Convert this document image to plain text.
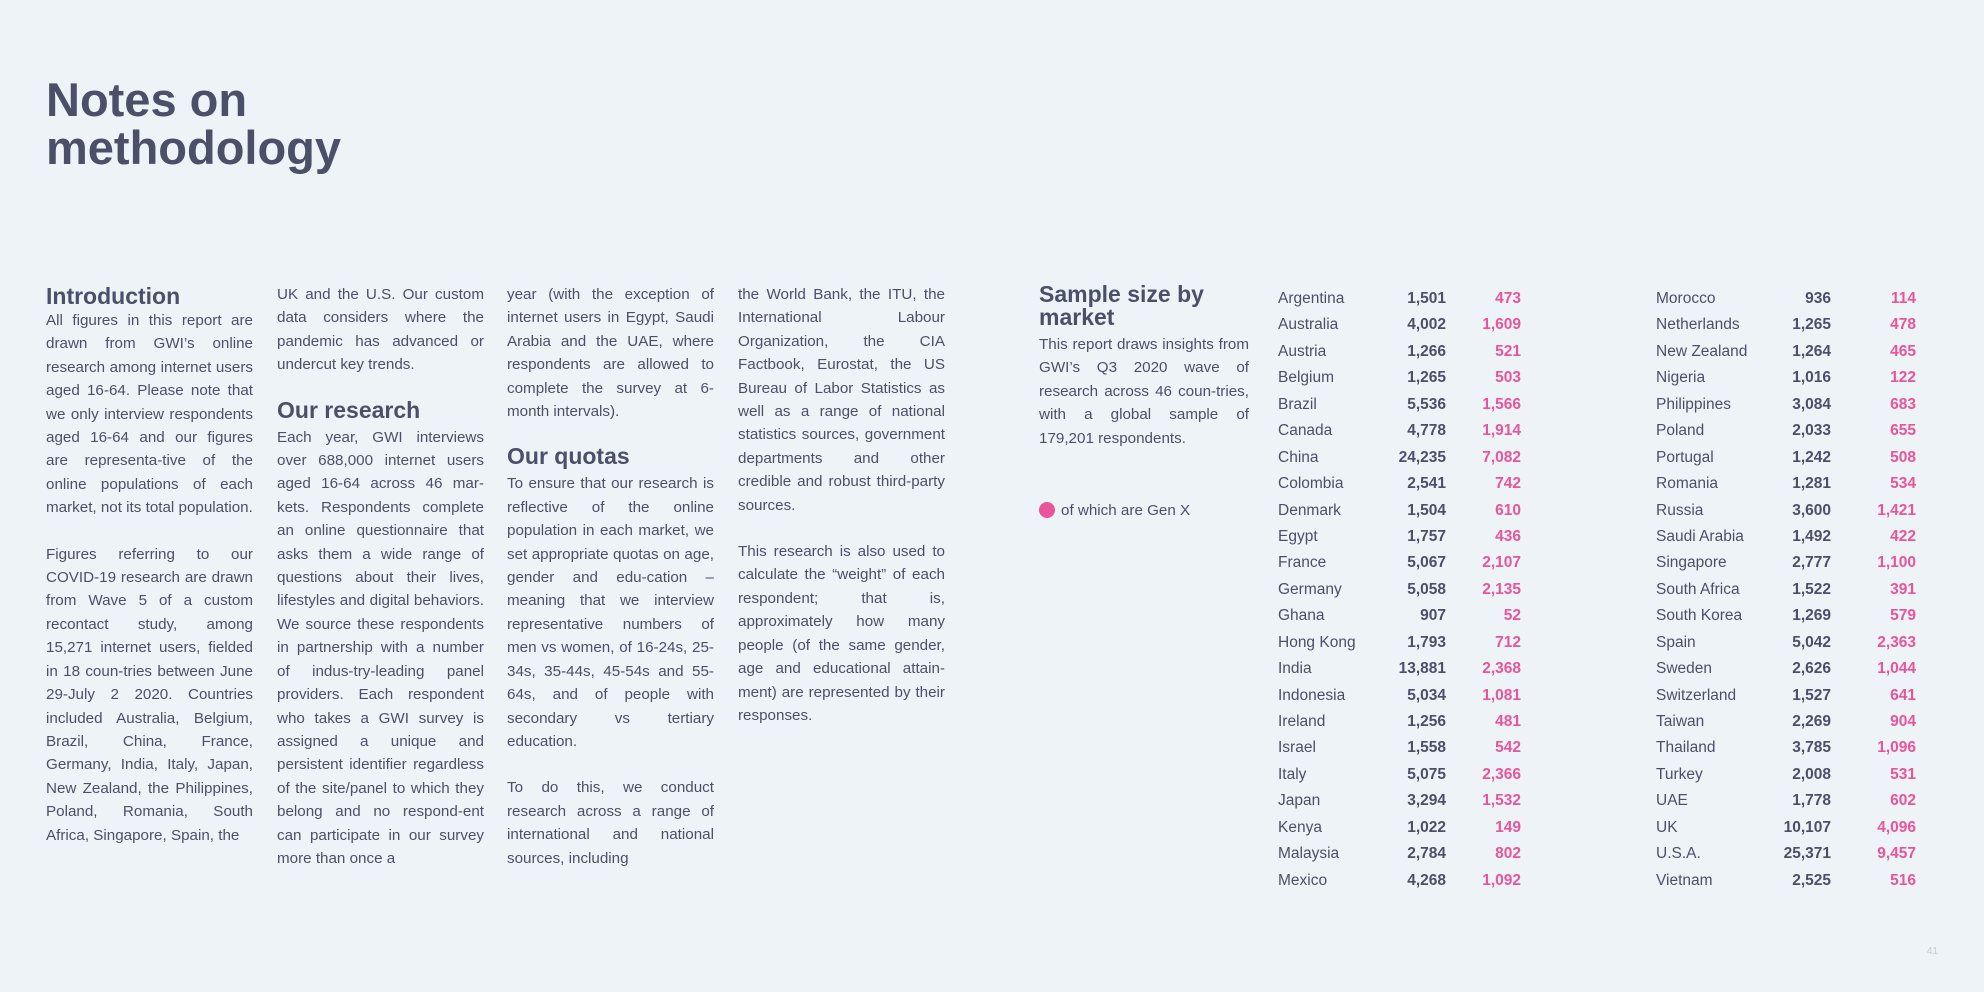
Notes on methodology
Introduction

All figures in this report are drawn from GWI’s online research among internet users aged 16-64. Please note that we only interview respondents aged 16-64 and our figures are representa-tive of the online populations of each market, not its total population.

Figures referring to our COVID-19 research are drawn from Wave 5 of a custom recontact study, among 15,271 internet users, fielded in 18 coun-tries between June 29-July 2 2020. Countries included Australia, Belgium, Brazil, China, France, Germany, India, Italy, Japan, New Zealand, the Philippines, Poland, Romania, South Africa, Singapore, Spain, the

UK and the U.S. Our custom data considers where the pandemic has advanced or undercut key trends.

Our research

Each year, GWI interviews over 688,000 internet users aged 16-64 across 46 mar-kets. Respondents complete an online questionnaire that asks them a wide range of questions about their lives, lifestyles and digital behaviors. We source these respondents in partnership with a number of indus-try-leading panel providers. Each respondent who takes a GWI survey is assigned a unique and persistent identifier regardless of the site/panel to which they belong and no respond-ent can participate in our survey more than once a

year (with the exception of internet users in Egypt, Saudi Arabia and the UAE, where respondents are allowed to complete the survey at 6-month intervals).

Our quotas

To ensure that our research is reflective of the online population in each market, we set appropriate quotas on age, gender and edu-cation – meaning that we interview representative numbers of men vs women, of 16-24s, 25-34s, 35-44s, 45-54s and 55-64s, and of people with secondary vs tertiary education.

To do this, we conduct research across a range of international and national sources, including

the World Bank, the ITU, the International Labour Organization, the CIA Factbook, Eurostat, the US Bureau of Labor Statistics as well as a range of national statistics sources, government departments and other credible and robust third-party sources.

This research is also used to calculate the “weight” of each respondent; that is, approximately how many people (of the same gender, age and educational attain-ment) are represented by their responses.

Sample size by market

This report draws insights from GWI’s Q3 2020 wave of research across 46 coun-tries, with a global sample of 179,201 respondents.

of which are Gen X
Argentina	1,501	473
Australia	4,002	1,609
Austria	1,266	521
Belgium	1,265	503
Brazil	5,536	1,566
Canada	4,778	1,914
China	24,235	7,082
Colombia	2,541	742
Denmark	1,504	610
Egypt	1,757	436
France	5,067	2,107
Germany	5,058	2,135
Ghana	907	52
Hong Kong	1,793	712
India	13,881	2,368
Indonesia	5,034	1,081
Ireland	1,256	481
Israel	1,558	542
Italy	5,075	2,366
Japan	3,294	1,532
Kenya	1,022	149
Malaysia	2,784	802
Mexico	4,268	1,092
Morocco	936	114
Netherlands	1,265	478
New Zealand	1,264	465
Nigeria	1,016	122
Philippines	3,084	683
Poland	2,033	655
Portugal	1,242	508
Romania	1,281	534
Russia	3,600	1,421
Saudi Arabia	1,492	422
Singapore	2,777	1,100
South Africa	1,522	391
South Korea	1,269	579
Spain	5,042	2,363
Sweden	2,626	1,044
Switzerland	1,527	641
Taiwan	2,269	904
Thailand	3,785	1,096
Turkey	2,008	531
UAE	1,778	602
UK	10,107	4,096
U.S.A.	25,371	9,457
Vietnam	2,525	516
41
